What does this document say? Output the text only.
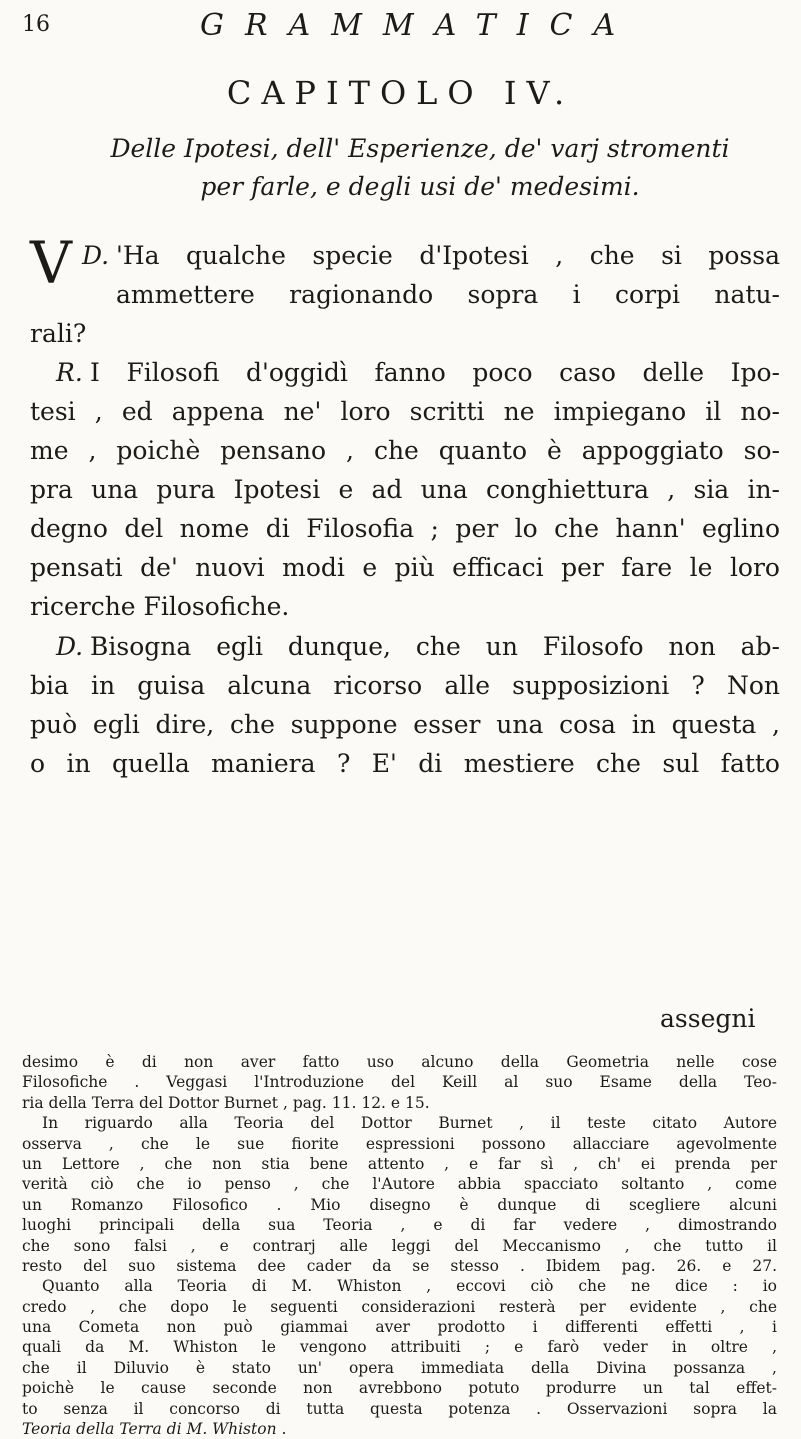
16	GRAMMATICA
CAPITOLO IV.
Delle Ipotesi, dell' Esperienze, de' varj stromenti
per farle, e degli usi de' medesimi.
D.
V	'Ha qualche specie d'Ipotesi , che si possa
ammettere ragionando sopra i corpi natu-
rali?
R. I Filosofi d'oggidì fanno poco caso delle Ipo-
tesi , ed appena ne' loro scritti ne impiegano il no-
me , poichè pensano , che quanto è appoggiato so-
pra una pura Ipotesi e ad una conghiettura , sia in-
degno del nome di Filosofia ; per lo che hann' eglino
pensati de' nuovi modi e più efficaci per fare le loro
ricerche Filosofiche.
D. Bisogna egli dunque, che un Filosofo non ab-
bia in guisa alcuna ricorso alle supposizioni ? Non
può egli dire, che suppone esser una cosa in questa ,
o in quella maniera ? E' di mestiere che sul fatto
assegni
desimo è di non aver fatto uso alcuno della Geometria nelle cose
Filosofiche . Veggasi l'Introduzione del Keill al suo Esame della Teo-
ria della Terra del Dottor Burnet , pag. 11. 12. e 15.
In riguardo alla Teoria del Dottor Burnet , il teste citato Autore
osserva , che le sue fiorite espressioni possono allacciare agevolmente
un Lettore , che non stia bene attento , e far sì , ch' ei prenda per
verità ciò che io penso , che l'Autore abbia spacciato soltanto , come
un Romanzo Filosofico . Mio disegno è dunque di scegliere alcuni
luoghi principali della sua Teoria , e di far vedere , dimostrando
che sono falsi , e contrarj alle leggi del Meccanismo , che tutto il
resto del suo sistema dee cader da se stesso . Ibidem pag. 26. e 27.
Quanto alla Teoria di M. Whiston , eccovi ciò che ne dice : io
credo , che dopo le seguenti considerazioni resterà per evidente , che
una Cometa non può giammai aver prodotto i differenti effetti , i
quali da M. Whiston le vengono attribuiti ; e farò veder in oltre ,
che il Diluvio è stato un' opera immediata della Divina possanza ,
poichè le cause seconde non avrebbono potuto produrre un tal effet-
to senza il concorso di tutta questa potenza . Osservazioni sopra la
Teoria della Terra di M. Whiston .
